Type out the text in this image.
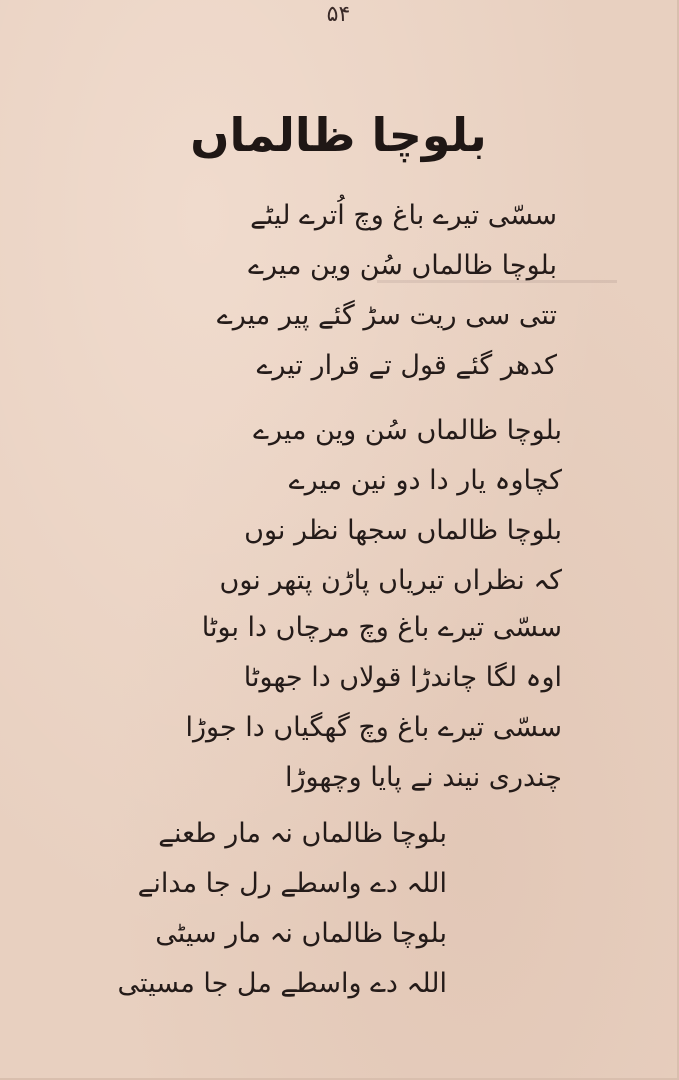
۵۴
بلوچا ظالماں
سسّی تیرے باغ وچ اُترے لیٹے
بلوچا ظالماں سُن وین میرے
تتی سی ریت سڑ گئے پیر میرے
کدھر گئے قول تے قرار تیرے
بلوچا ظالماں سُن وین میرے
کچاوہ یار دا دو نین میرے
بلوچا ظالماں سجھا نظر نوں
کہ نظراں تیریاں پاڑن پتھر نوں
سسّی تیرے باغ وچ مرچاں دا بوٹا
اوہ لگا چاندڑا قولاں دا جھوٹا
سسّی تیرے باغ وچ گھگیاں دا جوڑا
چندری نیند نے پایا وچھوڑا
بلوچا ظالماں نہ مار طعنے
اللہ دے واسطے رل جا مدانے
بلوچا ظالماں نہ مار سیٹی
اللہ دے واسطے مل جا مسیتی
